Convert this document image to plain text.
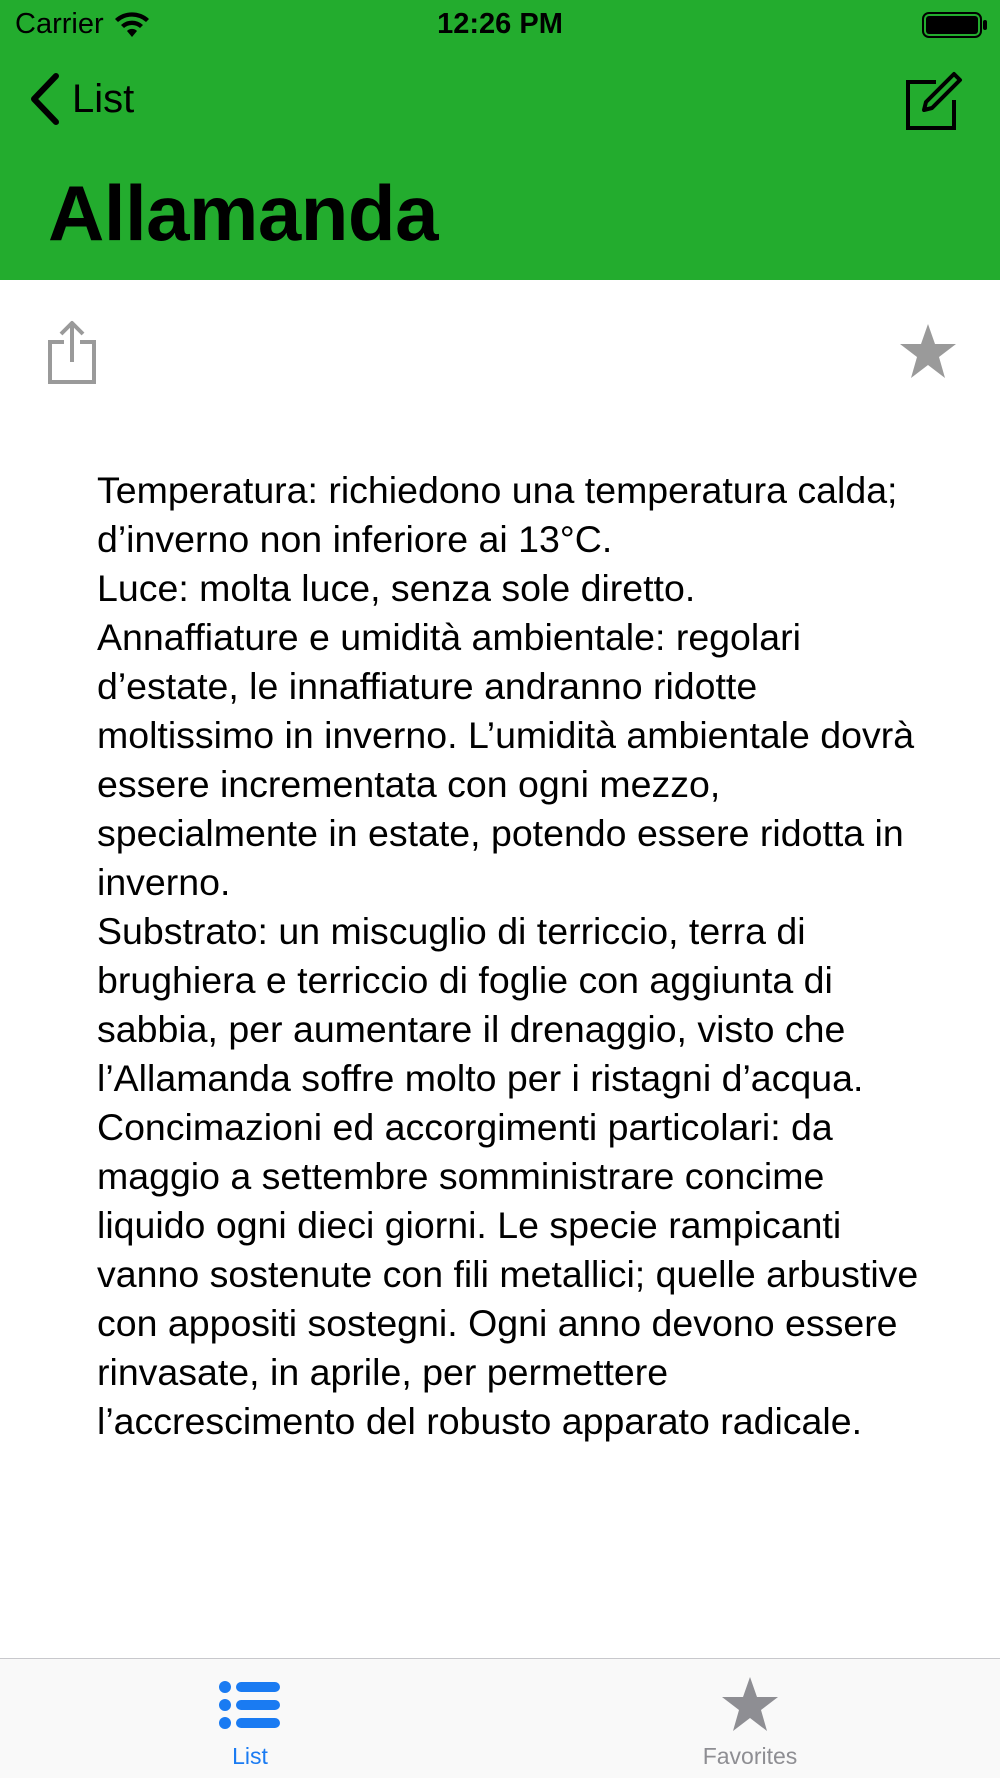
Carrier	12:26 PM
List
Allamanda

Temperatura: richiedono una temperatura calda; d’inverno non inferiore ai 13°C.

Luce: molta luce, senza sole diretto.

Annaffiature e umidità ambientale: regolari d’estate, le innaffiature andranno ridotte moltissimo in inverno. L’umidità ambientale dovrà essere incrementata con ogni mezzo, specialmente in estate, potendo essere ridotta in inverno.

Substrato: un miscuglio di terriccio, terra di brughiera e terriccio di foglie con aggiunta di sabbia, per aumentare il drenaggio, visto che l’Allamanda soffre molto per i ristagni d’acqua.

Concimazioni ed accorgimenti particolari: da maggio a settembre somministrare concime liquido ogni dieci giorni. Le specie rampicanti vanno sostenute con fili metallici; quelle arbustive con appositi sostegni. Ogni anno devono essere rinvasate, in aprile, per permettere l’accrescimento del robusto apparato radicale.

List	Favorites
